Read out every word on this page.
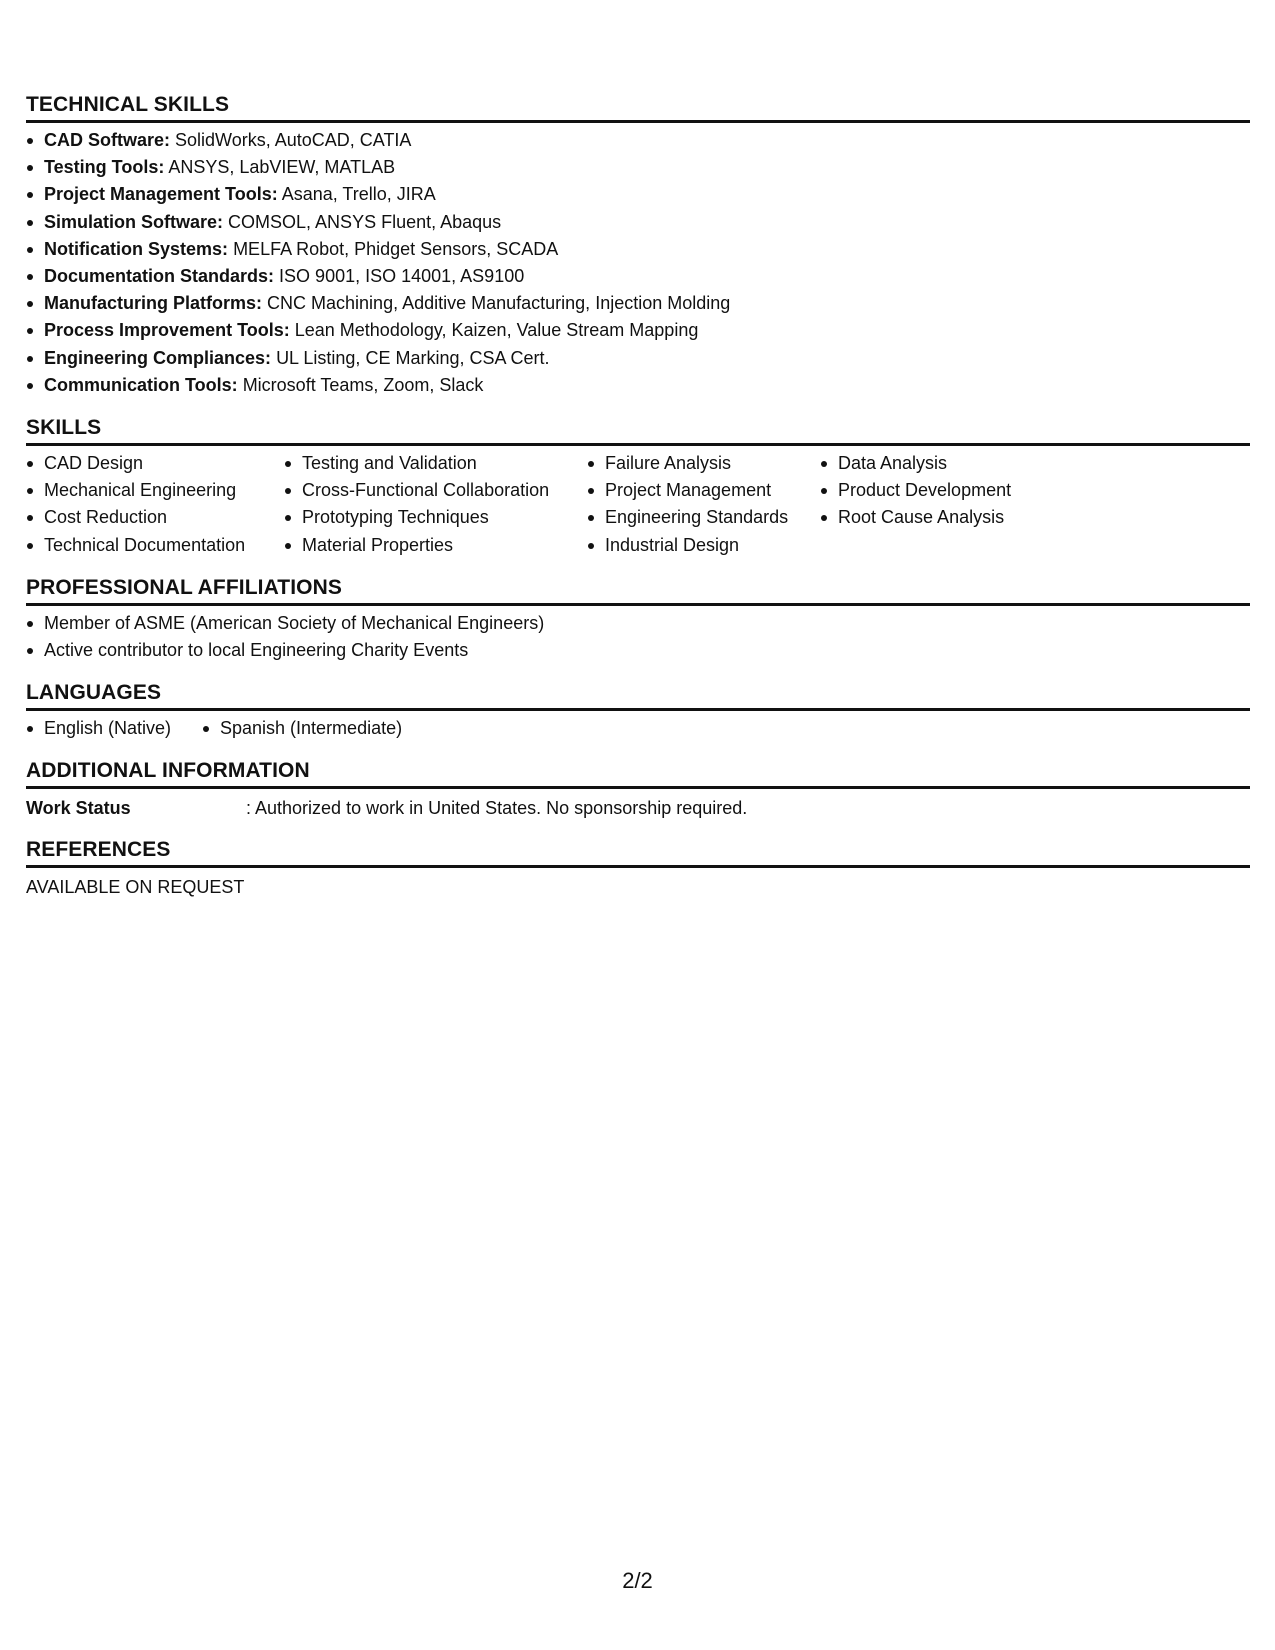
TECHNICAL SKILLS
CAD Software: SolidWorks, AutoCAD, CATIA
Testing Tools: ANSYS, LabVIEW, MATLAB
Project Management Tools: Asana, Trello, JIRA
Simulation Software: COMSOL, ANSYS Fluent, Abaqus
Notification Systems: MELFA Robot, Phidget Sensors, SCADA
Documentation Standards: ISO 9001, ISO 14001, AS9100
Manufacturing Platforms: CNC Machining, Additive Manufacturing, Injection Molding
Process Improvement Tools: Lean Methodology, Kaizen, Value Stream Mapping
Engineering Compliances: UL Listing, CE Marking, CSA Cert.
Communication Tools: Microsoft Teams, Zoom, Slack
SKILLS
CAD Design
Mechanical Engineering
Cost Reduction
Technical Documentation
Testing and Validation
Cross-Functional Collaboration
Prototyping Techniques
Material Properties
Failure Analysis
Project Management
Engineering Standards
Industrial Design
Data Analysis
Product Development
Root Cause Analysis
PROFESSIONAL AFFILIATIONS
Member of ASME (American Society of Mechanical Engineers)
Active contributor to local Engineering Charity Events
LANGUAGES
English (Native)	Spanish (Intermediate)
ADDITIONAL INFORMATION
Work Status	: Authorized to work in United States. No sponsorship required.
REFERENCES
AVAILABLE ON REQUEST
2/2
